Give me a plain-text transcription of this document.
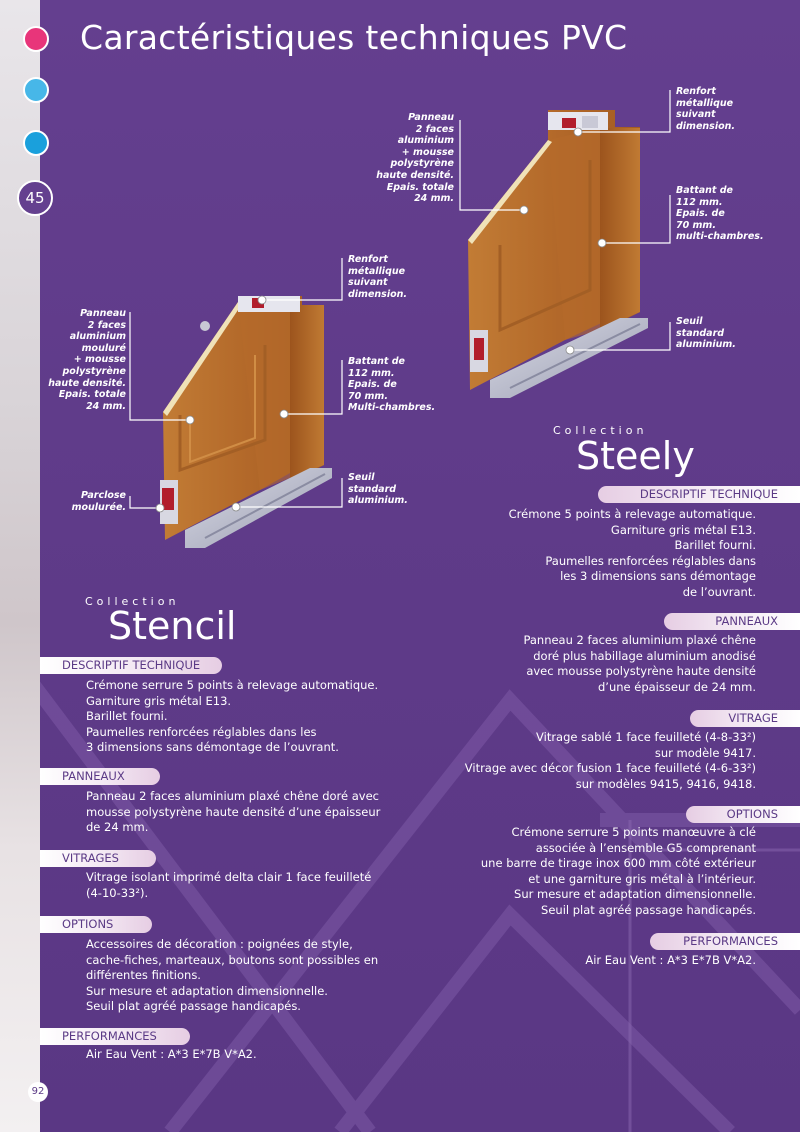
45
Caractéristiques techniques PVC
Panneau
2 faces
aluminium
+ mousse
polystyrène
haute densité.
Epais. totale
24 mm.
Renfort
métallique
suivant
dimension.
Battant de
112 mm.
Epais. de
70 mm.
multi-chambres.
Seuil
standard
aluminium.
Panneau
2 faces
aluminium
mouluré
+ mousse
polystyrène
haute densité.
Epais. totale
24 mm.
Renfort
métallique
suivant
dimension.
Battant de
112 mm.
Epais. de
70 mm.
Multi-chambres.
Parclose
moulurée.
Seuil
standard
aluminium.
Collection
Steely
DESCRIPTIF TECHNIQUE
Crémone 5 points à relevage automatique.
Garniture gris métal E13.
Barillet fourni.
Paumelles renforcées réglables dans
les 3 dimensions sans démontage
de l’ouvrant.
PANNEAUX
Panneau 2 faces aluminium plaxé chêne
doré plus habillage aluminium anodisé
avec mousse polystyrène haute densité
d’une épaisseur de 24 mm.
VITRAGE
Vitrage sablé 1 face feuilleté (4-8-33²)
sur modèle 9417.
Vitrage avec décor fusion 1 face feuilleté (4-6-33²)
sur modèles 9415, 9416, 9418.
OPTIONS
Crémone serrure 5 points manœuvre à clé
associée à l’ensemble G5 comprenant
une barre de tirage inox 600 mm côté extérieur
et une garniture gris métal à l’intérieur.
Sur mesure et adaptation dimensionnelle.
Seuil plat agréé passage handicapés.
PERFORMANCES
Air Eau Vent : A*3 E*7B V*A2.
Collection
Stencil
DESCRIPTIF TECHNIQUE
Crémone serrure 5 points à relevage automatique.
Garniture gris métal E13.
Barillet fourni.
Paumelles renforcées réglables dans les
3 dimensions sans démontage de l’ouvrant.
PANNEAUX
Panneau 2 faces aluminium plaxé chêne doré avec
mousse polystyrène haute densité d’une épaisseur
de 24 mm.
VITRAGES
Vitrage isolant imprimé delta clair 1 face feuilleté
(4-10-33²).
OPTIONS
Accessoires de décoration : poignées de style,
cache-fiches, marteaux, boutons sont possibles en
différentes finitions.
Sur mesure et adaptation dimensionnelle.
Seuil plat agréé passage handicapés.
PERFORMANCES
Air Eau Vent : A*3 E*7B V*A2.
92
